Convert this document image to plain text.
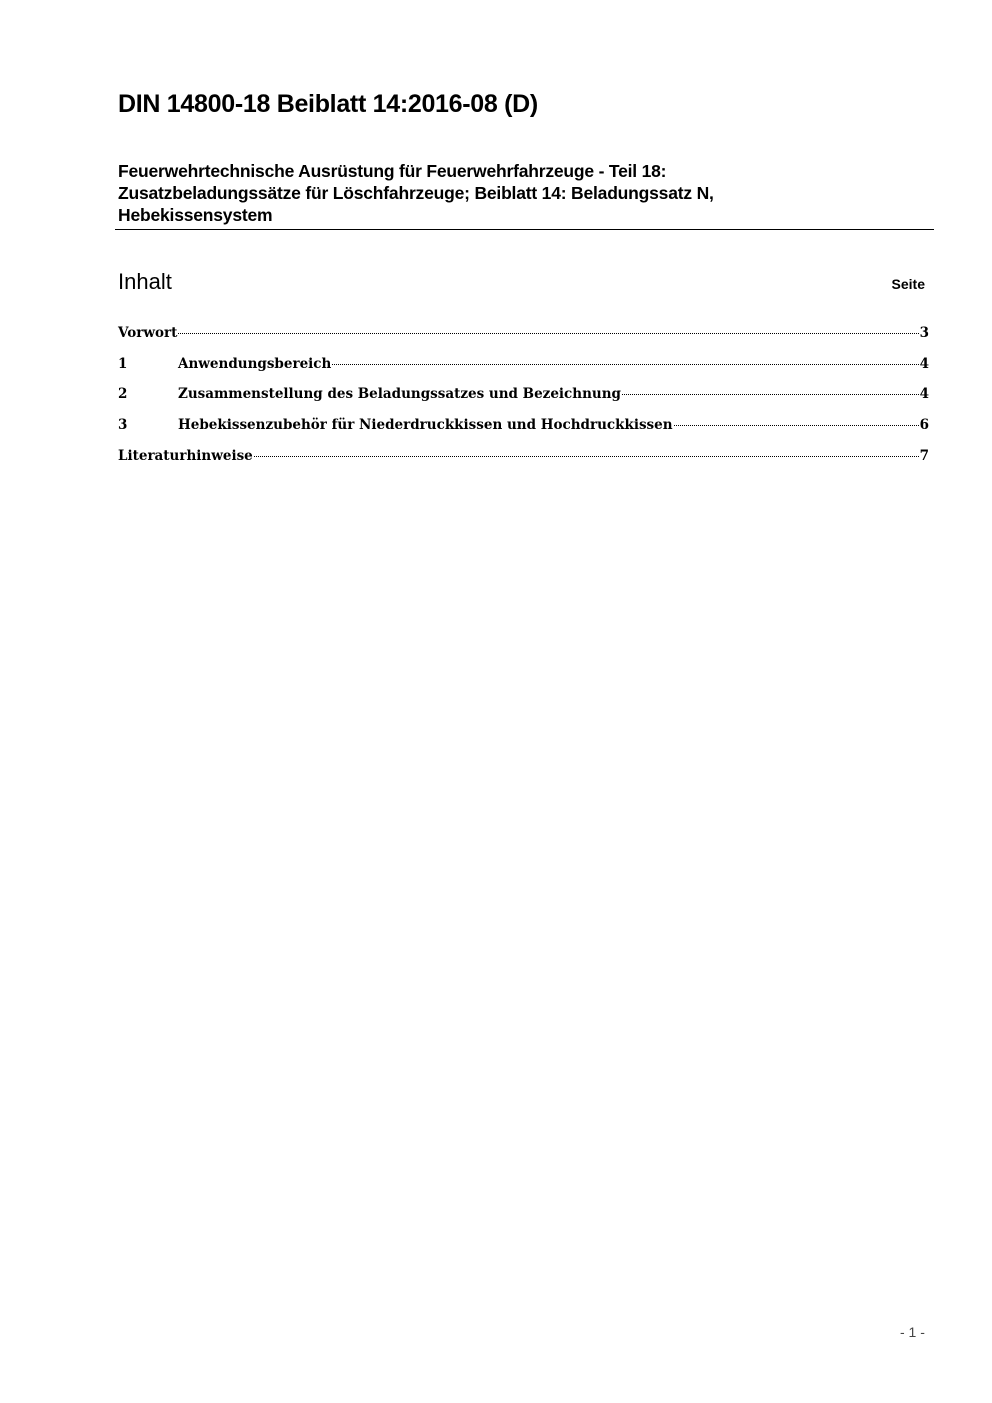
DIN 14800-18 Beiblatt 14:2016-08 (D)
Feuerwehrtechnische Ausrüstung für Feuerwehrfahrzeuge - Teil 18:
Zusatzbeladungssätze für Löschfahrzeuge; Beiblatt 14: Beladungssatz N,
Hebekissensystem
Inhalt	Seite
Vorwort	3
1	Anwendungsbereich	4
2	Zusammenstellung des Beladungssatzes und Bezeichnung	4
3	Hebekissenzubehör für Niederdruckkissen und Hochdruckkissen	6
Literaturhinweise	7
- 1 -
